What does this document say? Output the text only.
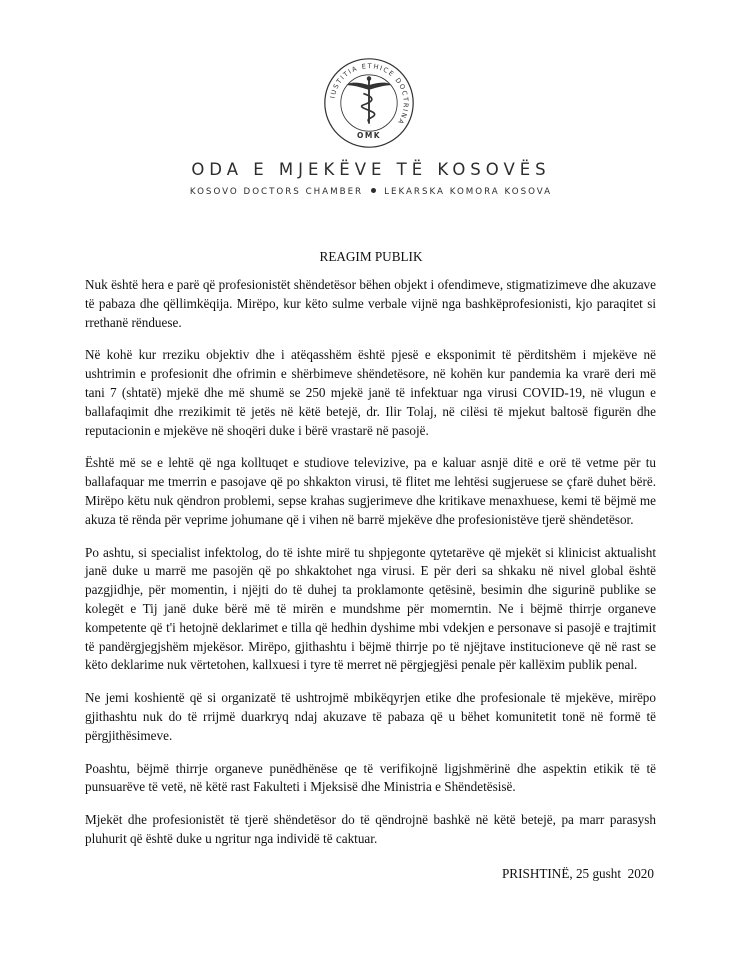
IUSTITIA ETHICE DOCTRINA
OMK
ODA E MJEKËVE TË KOSOVËS
KOSOVO DOCTORS CHAMBER LEKARSKA KOMORA KOSOVA
REAGIM PUBLIK

Nuk është hera e parë që profesionistët shëndetësor bëhen objekt i ofendimeve, stigmatizimeve dhe akuzave të pabaza dhe qëllimkëqija. Mirëpo, kur këto sulme verbale vijnë nga bashkëprofesionisti, kjo paraqitet si rrethanë rënduese.

Në kohë kur rreziku objektiv dhe i atëqasshëm është pjesë e eksponimit të përditshëm i mjekëve në ushtrimin e profesionit dhe ofrimin e shërbimeve shëndetësore, në kohën kur pandemia ka vrarë deri më tani 7 (shtatë) mjekë dhe më shumë se 250 mjekë janë të infektuar nga virusi COVID-19, në vlugun e ballafaqimit dhe rrezikimit të jetës në këtë betejë, dr. Ilir Tolaj, në cilësi të mjekut baltosë figurën dhe reputacionin e mjekëve në shoqëri duke i bërë vrastarë në pasojë.

Është më se e lehtë që nga kolltuqet e studiove televizive, pa e kaluar asnjë ditë e orë të vetme për tu ballafaquar me tmerrin e pasojave që po shkakton virusi, të flitet me lehtësi sugjeruese se çfarë duhet bërë. Mirëpo këtu nuk qëndron problemi, sepse krahas sugjerimeve dhe kritikave menaxhuese, kemi të bëjmë me akuza të rënda për veprime johumane që i vihen në barrë mjekëve dhe profesionistëve tjerë shëndetësor.

Po ashtu, si specialist infektolog, do të ishte mirë tu shpjegonte qytetarëve që mjekët si klinicist aktualisht janë duke u marrë me pasojën që po shkaktohet nga virusi. E për deri sa shkaku në nivel global është pazgjidhje, për momentin, i njëjti do të duhej ta proklamonte qetësinë, besimin dhe sigurinë publike se kolegët e Tij janë duke bërë më të mirën e mundshme për momerntin. Ne i bëjmë thirrje organeve kompetente që t'i hetojnë deklarimet e tilla që hedhin dyshime mbi vdekjen e personave si pasojë e trajtimit të pandërgjegjshëm mjekësor. Mirëpo, gjithashtu i bëjmë thirrje po të njëjtave institucioneve që në rast se këto deklarime nuk vërtetohen, kallxuesi i tyre të merret në përgjegjësi penale për kallëxim publik penal.

Ne jemi koshientë që si organizatë të ushtrojmë mbikëqyrjen etike dhe profesionale të mjekëve, mirëpo gjithashtu nuk do të rrijmë duarkryq ndaj akuzave të pabaza që u bëhet komunitetit tonë në formë të përgjithësimeve.

Poashtu, bëjmë thirrje organeve punëdhënëse qe të verifikojnë ligjshmërinë dhe aspektin etikik të të punsuarëve të vetë, në këtë rast Fakulteti i Mjeksisë dhe Ministria e Shëndetësisë.

Mjekët dhe profesionistët të tjerë shëndetësor do të qëndrojnë bashkë në këtë betejë, pa marr parasysh pluhurit që është duke u ngritur nga individë të caktuar.

PRISHTINË, 25 gusht  2020
